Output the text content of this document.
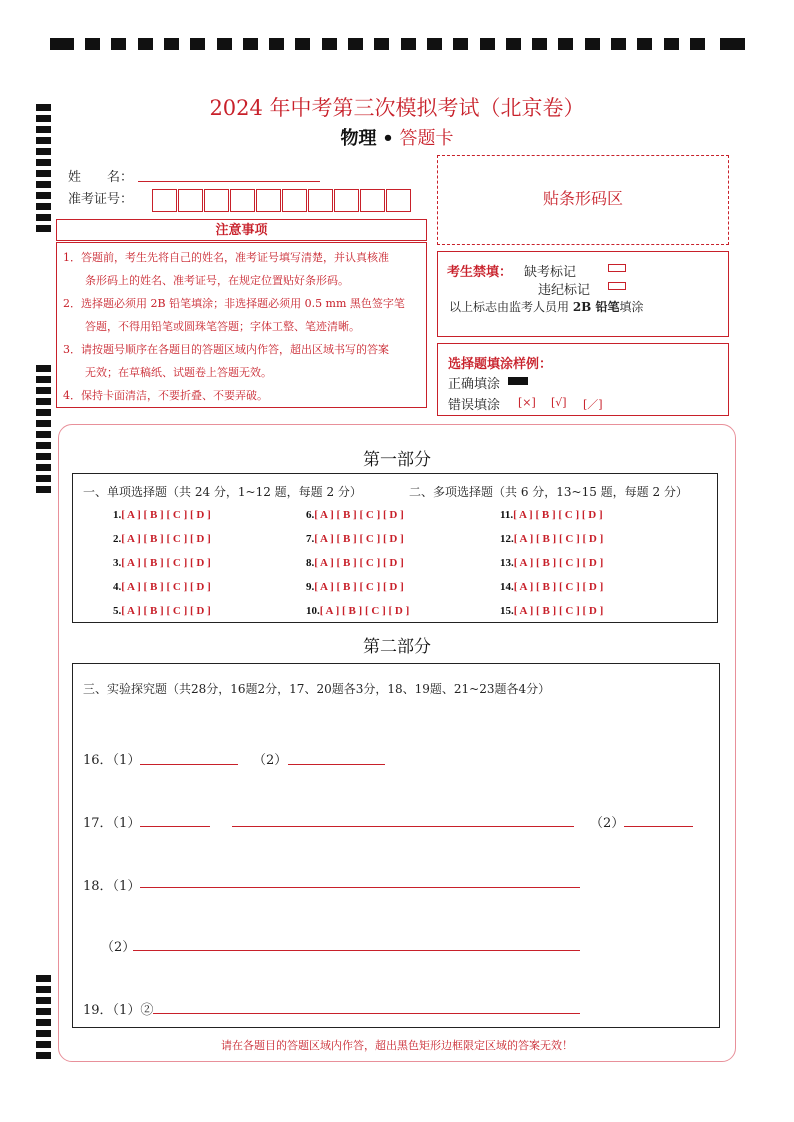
2024 年中考第三次模拟考试（北京卷）
物理 • 答题卡
姓　　名：
准考证号：	贴条形码区
注意事项
1．答题前，考生先将自己的姓名，准考证号填写清楚，并认真核准
　　条形码上的姓名、准考证号，在规定位置贴好条形码。
2．选择题必须用 2B 铅笔填涂；非选择题必须用 0.5 mm 黑色签字笔
　　答题，不得用铅笔或圆珠笔答题；字体工整、笔迹清晰。
3．请按题号顺序在各题目的答题区域内作答，超出区域书写的答案
　　无效；在草稿纸、试题卷上答题无效。
4．保持卡面清洁，不要折叠、不要弄破。
考生禁填： 缺考标记
违纪标记
以上标志由监考人员用 2B 铅笔填涂
选择题填涂样例：
正确填涂
错误填涂 [×] [√] [／]
第一部分
一、单项选择题（共 24 分，1~12 题，每题 2 分）	二、多项选择题（共 6 分，13~15 题，每题 2 分）
1.[ A ] [ B ] [ C ] [ D ]
2.[ A ] [ B ] [ C ] [ D ]
3.[ A ] [ B ] [ C ] [ D ]
4.[ A ] [ B ] [ C ] [ D ]
5.[ A ] [ B ] [ C ] [ D ]
6.[ A ] [ B ] [ C ] [ D ]
7.[ A ] [ B ] [ C ] [ D ]
8.[ A ] [ B ] [ C ] [ D ]
9.[ A ] [ B ] [ C ] [ D ]
10.[ A ] [ B ] [ C ] [ D ]
11.[ A ] [ B ] [ C ] [ D ]
12.[ A ] [ B ] [ C ] [ D ]
13.[ A ] [ B ] [ C ] [ D ]
14.[ A ] [ B ] [ C ] [ D ]
15.[ A ] [ B ] [ C ] [ D ]
第二部分
三、实验探究题（共28分，16题2分，17、20题各3分，18、19题、21~23题各4分）
16．（1）	（2）
17．（1）	（2）
18．（1）
（2）
19．（1）②
请在各题目的答题区域内作答，超出黑色矩形边框限定区域的答案无效！
